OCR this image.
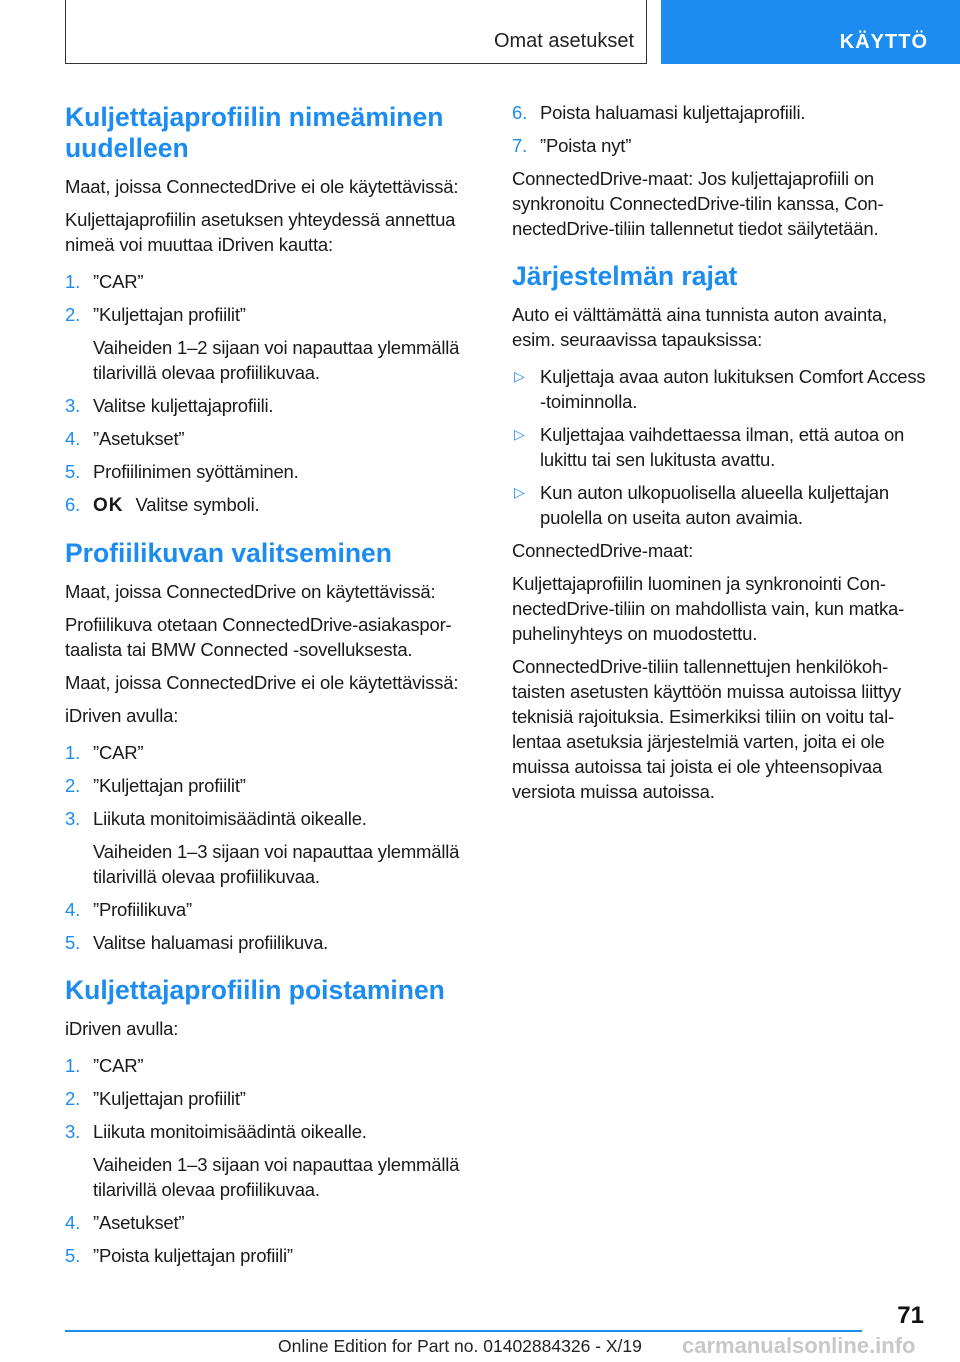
Omat asetukset	KÄYTTÖ
Kuljettajaprofiilin nimeäminen uudelleen

Maat, joissa ConnectedDrive ei ole käytettävissä:

Kuljettajaprofiilin asetuksen yhteydessä annettua nimeä voi muuttaa iDriven kautta:

1. ”CAR”
2. ”Kuljettajan profiilit”
Vaiheiden 1–2 sijaan voi napauttaa ylemmällä tilarivillä olevaa profiilikuvaa.
3. Valitse kuljettajaprofiili.
4. ”Asetukset”
5. Profiilinimen syöttäminen.
6. OK Valitse symboli.
Profiilikuvan valitseminen

Maat, joissa ConnectedDrive on käytettävissä:

Profiilikuva otetaan ConnectedDrive-asiakasportaalista tai BMW Connected -sovelluksesta.

Maat, joissa ConnectedDrive ei ole käytettävissä:

iDriven avulla:

1. ”CAR”
2. ”Kuljettajan profiilit”
3. Liikuta monitoimisäädintä oikealle.
Vaiheiden 1–3 sijaan voi napauttaa ylemmällä tilarivillä olevaa profiilikuvaa.
4. ”Profiilikuva”
5. Valitse haluamasi profiilikuva.
Kuljettajaprofiilin poistaminen

iDriven avulla:

1. ”CAR”
2. ”Kuljettajan profiilit”
3. Liikuta monitoimisäädintä oikealle.
Vaiheiden 1–3 sijaan voi napauttaa ylemmällä tilarivillä olevaa profiilikuvaa.
4. ”Asetukset”
5. ”Poista kuljettajan profiili”
6. Poista haluamasi kuljettajaprofiili.
7. ”Poista nyt”

ConnectedDrive-maat: Jos kuljettajaprofiili on synkronoitu ConnectedDrive-tilin kanssa, ConnectedDrive-tiliin tallennetut tiedot säilytetään.

Järjestelmän rajat

Auto ei välttämättä aina tunnista auton avainta, esim. seuraavissa tapauksissa:

▷ Kuljettaja avaa auton lukituksen Comfort Access -toiminnolla.
▷ Kuljettajaa vaihdettaessa ilman, että autoa on lukittu tai sen lukitusta avattu.
▷ Kun auton ulkopuolisella alueella kuljettajan puolella on useita auton avaimia.

ConnectedDrive-maat:

Kuljettajaprofiilin luominen ja synkronointi ConnectedDrive-tiliin on mahdollista vain, kun matkapuhelinyhteys on muodostettu.

ConnectedDrive-tiliin tallennettujen henkilökohtaisten asetusten käyttöön muissa autoissa liittyy teknisiä rajoituksia. Esimerkiksi tiliin on voitu tallentaa asetuksia järjestelmiä varten, joita ei ole muissa autoissa tai joista ei ole yhteensopivaa versiota muissa autoissa.

71
Online Edition for Part no. 01402884326 - X/19 carmanualsonline.info
